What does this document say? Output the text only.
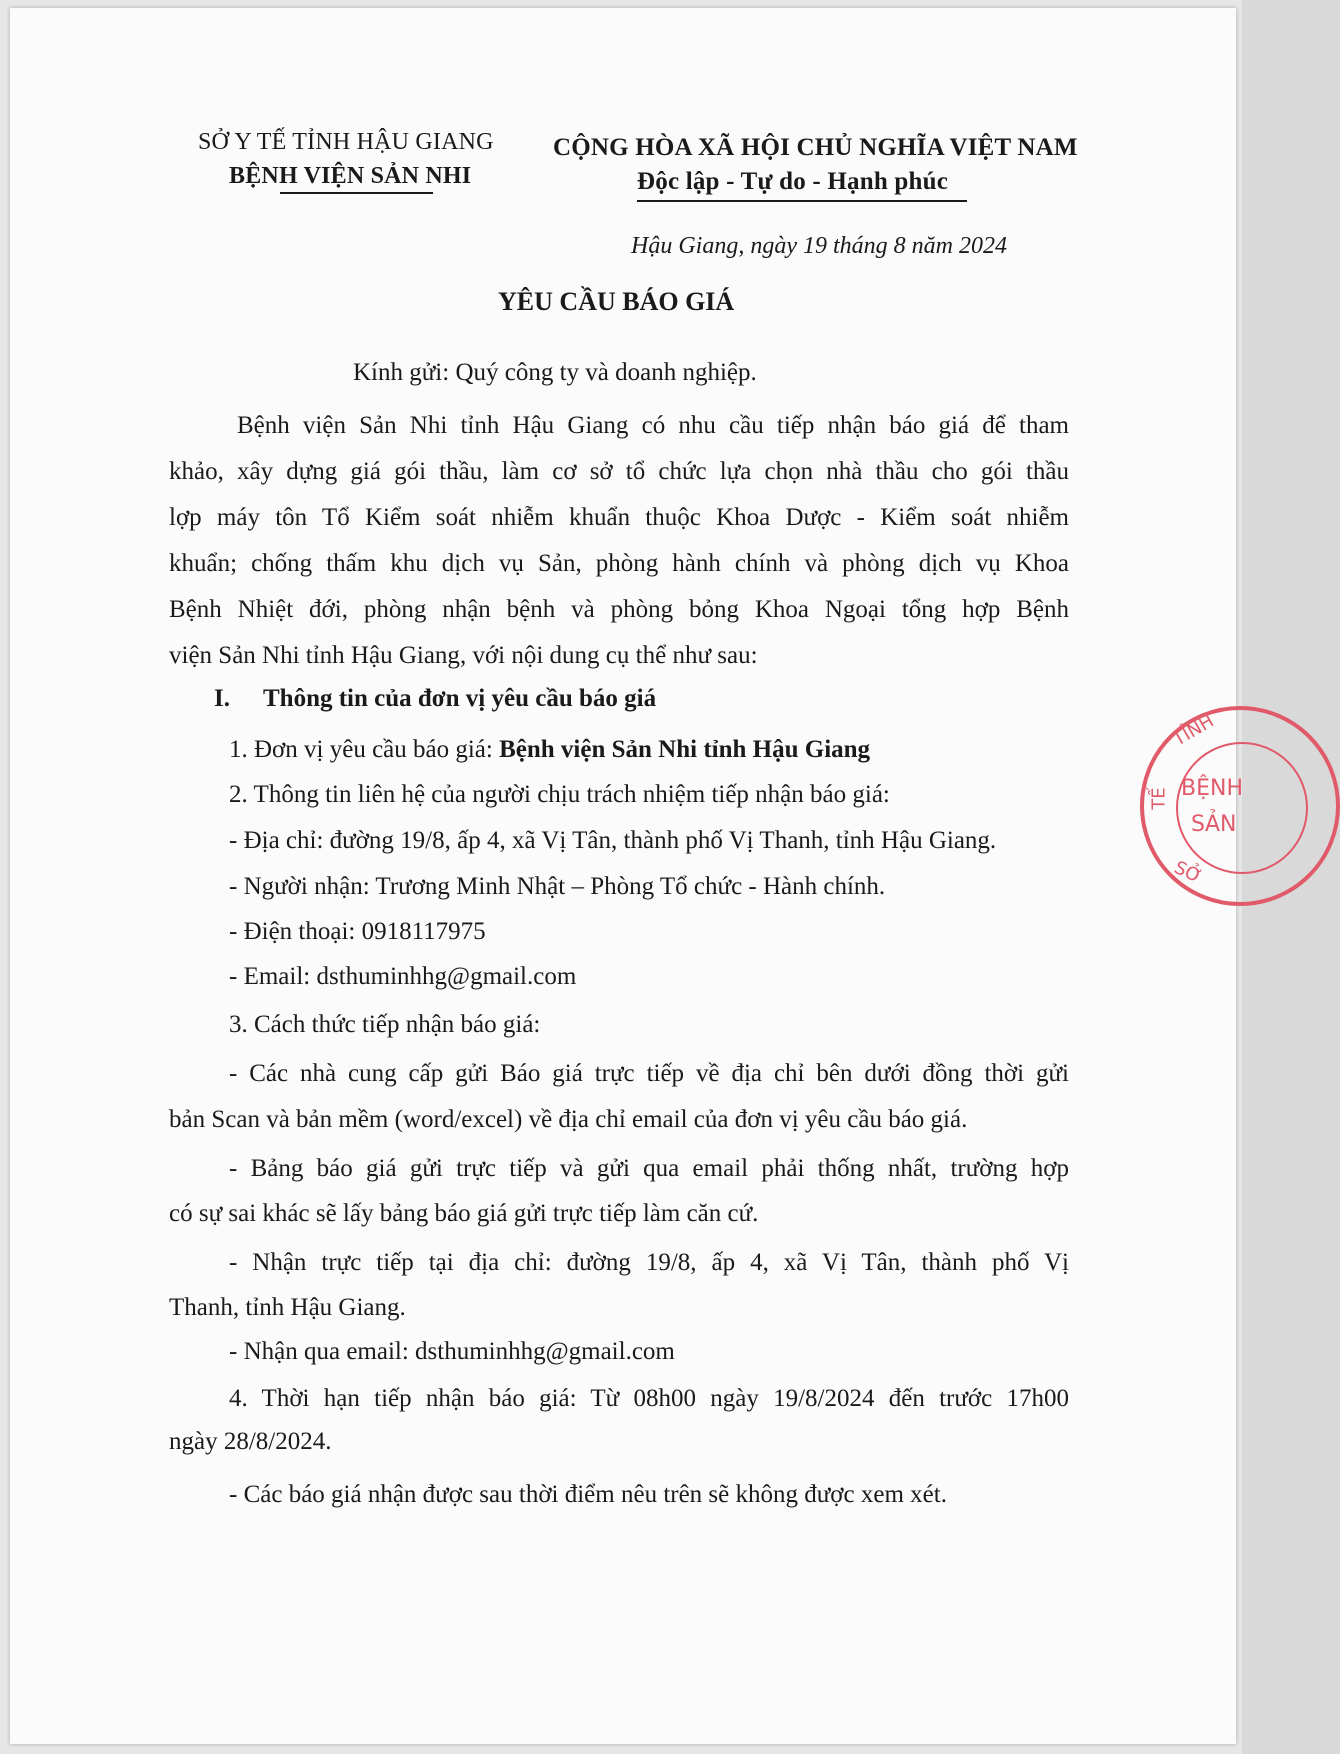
SỞ Y TẾ TỈNH HẬU GIANG
BỆNH VIỆN SẢN NHI
CỘNG HÒA XÃ HỘI CHỦ NGHĨA VIỆT NAM
Độc lập - Tự do - Hạnh phúc
Hậu Giang, ngày 19 tháng 8 năm 2024
YÊU CẦU BÁO GIÁ
Kính gửi: Quý công ty và doanh nghiệp.
Bệnh viện Sản Nhi tỉnh Hậu Giang có nhu cầu tiếp nhận báo giá để tham
khảo, xây dựng giá gói thầu, làm cơ sở tổ chức lựa chọn nhà thầu cho gói thầu
lợp máy tôn Tổ Kiểm soát nhiễm khuẩn thuộc Khoa Dược - Kiểm soát nhiễm
khuẩn; chống thấm khu dịch vụ Sản, phòng hành chính và phòng dịch vụ Khoa
Bệnh Nhiệt đới, phòng nhận bệnh và phòng bỏng Khoa Ngoại tổng hợp Bệnh
viện Sản Nhi tỉnh Hậu Giang, với nội dung cụ thể như sau:
I. Thông tin của đơn vị yêu cầu báo giá
1. Đơn vị yêu cầu báo giá: Bệnh viện Sản Nhi tỉnh Hậu Giang
2. Thông tin liên hệ của người chịu trách nhiệm tiếp nhận báo giá:
- Địa chỉ: đường 19/8, ấp 4, xã Vị Tân, thành phố Vị Thanh, tỉnh Hậu Giang.
- Người nhận: Trương Minh Nhật – Phòng Tổ chức - Hành chính.
- Điện thoại: 0918117975
- Email: dsthuminhhg@gmail.com
3. Cách thức tiếp nhận báo giá:
- Các nhà cung cấp gửi Báo giá trực tiếp về địa chỉ bên dưới đồng thời gửi
bản Scan và bản mềm (word/excel) về địa chỉ email của đơn vị yêu cầu báo giá.
- Bảng báo giá gửi trực tiếp và gửi qua email phải thống nhất, trường hợp
có sự sai khác sẽ lấy bảng báo giá gửi trực tiếp làm căn cứ.
- Nhận trực tiếp tại địa chỉ: đường 19/8, ấp 4, xã Vị Tân, thành phố Vị
Thanh, tỉnh Hậu Giang.
- Nhận qua email: dsthuminhhg@gmail.com
4. Thời hạn tiếp nhận báo giá: Từ 08h00 ngày 19/8/2024 đến trước 17h00
ngày 28/8/2024.
- Các báo giá nhận được sau thời điểm nêu trên sẽ không được xem xét.
TỈNH
TẾ BỆNH
SẢN
SỞ
